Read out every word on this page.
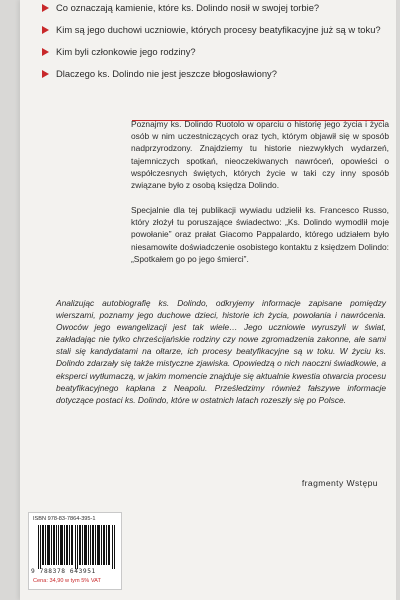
Co oznaczają kamienie, które ks. Dolindo nosił w swojej torbie?
Kim są jego duchowi uczniowie, których procesy beatyfikacyjne już są w toku?
Kim byli członkowie jego rodziny?
Dlaczego ks. Dolindo nie jest jeszcze błogosławiony?

Poznajmy ks. Dolindo Ruotolo w oparciu o historię jego życia i życia osób w nim uczestniczących oraz tych, którym objawił się w sposób nadprzyrodzony. Znajdziemy tu historie niezwykłych wydarzeń, tajemniczych spotkań, nieoczekiwanych nawróceń, opowieści o współczesnych świętych, których życie w taki czy inny sposób związane było z osobą księdza Dolindo.

Specjalnie dla tej publikacji wywiadu udzielił ks. Francesco Russo, który złożył tu poruszające świadectwo: „Ks. Dolindo wymodlił moje powołanie” oraz prałat Giacomo Pappalardo, którego udziałem było niesamowite doświadczenie osobistego kontaktu z księdzem Dolindo: „Spotkałem go po jego śmierci”.

Analizując autobiografię ks. Dolindo, odkryjemy informacje zapisane pomiędzy wierszami, poznamy jego duchowe dzieci, historie ich życia, powołania i nawrócenia. Owoców jego ewangelizacji jest tak wiele… Jego uczniowie wyruszyli w świat, zakładając nie tylko chrześcijańskie rodziny czy nowe zgromadzenia zakonne, ale sami stali się kandydatami na ołtarze, ich procesy beatyfikacyjne są w toku. W życiu ks. Dolindo zdarzały się także mistyczne zjawiska. Opowiedzą o nich naoczni świadkowie, a eksperci wytłumaczą, w jakim momencie znajduje się aktualnie kwestia otwarcia procesu beatyfikacyjnego kapłana z Neapolu. Prześledzimy również fałszywe informacje dotyczące postaci ks. Dolindo, które w ostatnich latach rozeszły się po Polsce.

fragmenty Wstępu
ISBN 978-83-7864-395-1
9 788378 643951
Cena: 34,90 w tym 5% VAT
